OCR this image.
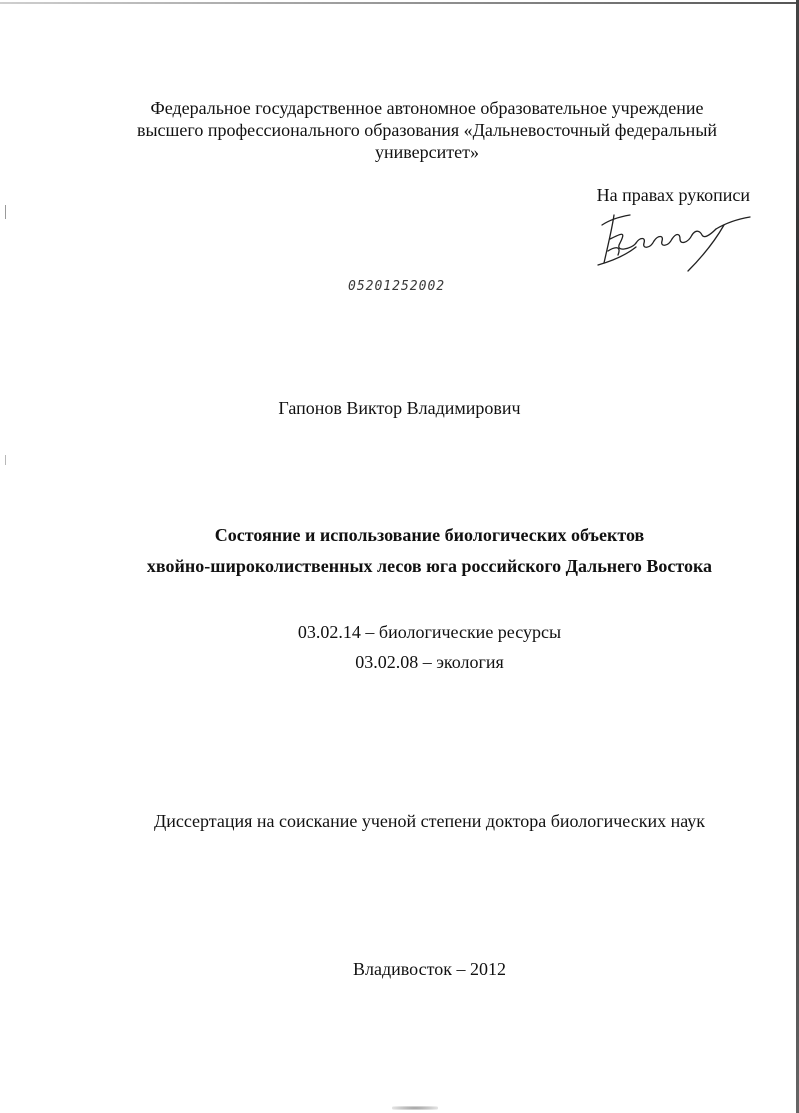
Федеральное государственное автономное образовательное учреждение
высшего профессионального образования «Дальневосточный федеральный
университет»
На правах рукописи
05201252002
Гапонов Виктор Владимирович
Состояние и использование биологических объектов
хвойно-широколиственных лесов юга российского Дальнего Востока
03.02.14 – биологические ресурсы
03.02.08 – экология
Диссертация на соискание ученой степени доктора биологических наук
Владивосток – 2012
